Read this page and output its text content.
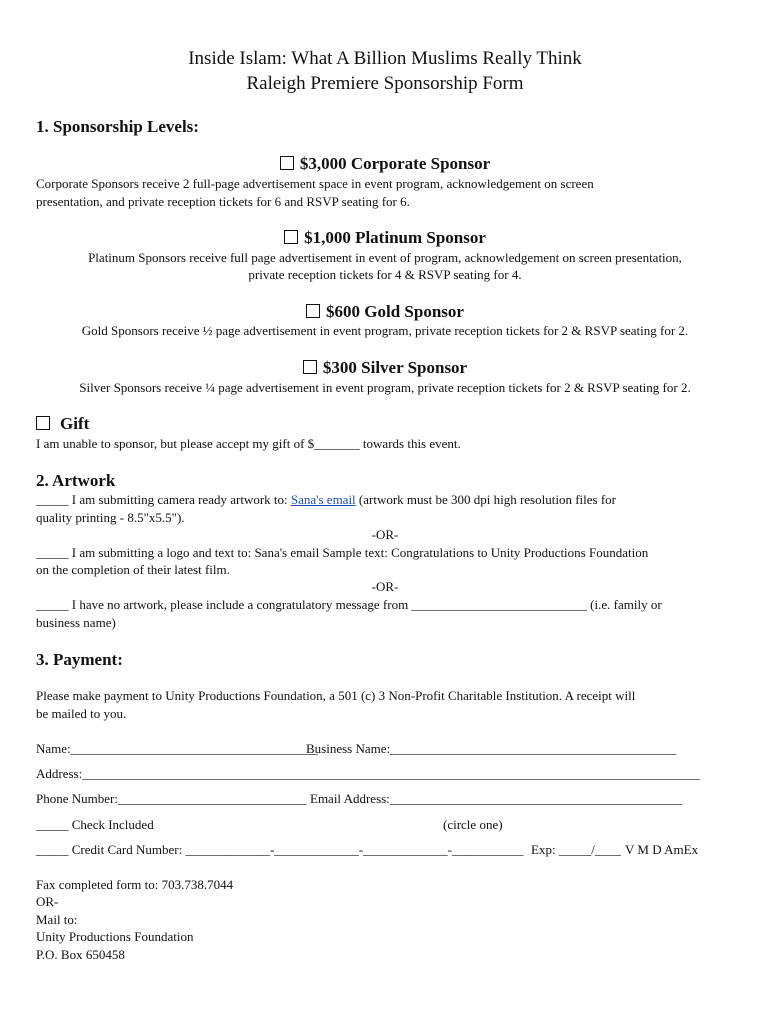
Inside Islam: What A Billion Muslims Really Think
Raleigh Premiere Sponsorship Form
1. Sponsorship Levels:
$3,000 Corporate Sponsor
Corporate Sponsors receive 2 full-page advertisement space in event program, acknowledgement on screen
presentation, and private reception tickets for 6 and RSVP seating for 6.
$1,000 Platinum Sponsor
Platinum Sponsors receive full page advertisement in event of program, acknowledgement on screen presentation,
private reception tickets for 4 & RSVP seating for 4.
$600 Gold Sponsor
Gold Sponsors receive ½ page advertisement in event program, private reception tickets for 2 & RSVP seating for 2.
$300 Silver Sponsor
Silver Sponsors receive ¼ page advertisement in event program, private reception tickets for 2 & RSVP seating for 2.
Gift
I am unable to sponsor, but please accept my gift of $_______ towards this event.
2. Artwork
_____ I am submitting camera ready artwork to: Sana's email (artwork must be 300 dpi high resolution files for
quality printing - 8.5"x5.5").
-OR-
_____ I am submitting a logo and text to: Sana's email Sample text: Congratulations to Unity Productions Foundation
on the completion of their latest film.
-OR-
_____ I have no artwork, please include a congratulatory message from ___________________________ (i.e. family or
business name)
3. Payment:
Please make payment to Unity Productions Foundation, a 501 (c) 3 Non-Profit Charitable Institution. A receipt will
be mailed to you.
Name:______________________________________
Business Name:____________________________________________
Address:_______________________________________________________________________________________________
Phone Number:_____________________________ Email Address:_____________________________________________
_____ Check Included	(circle one)
_____ Credit Card Number: _____________-_____________-_____________-___________ Exp: _____/____ V M D AmEx
Fax completed form to: 703.738.7044
OR-
Mail to:
Unity Productions Foundation
P.O. Box 650458
